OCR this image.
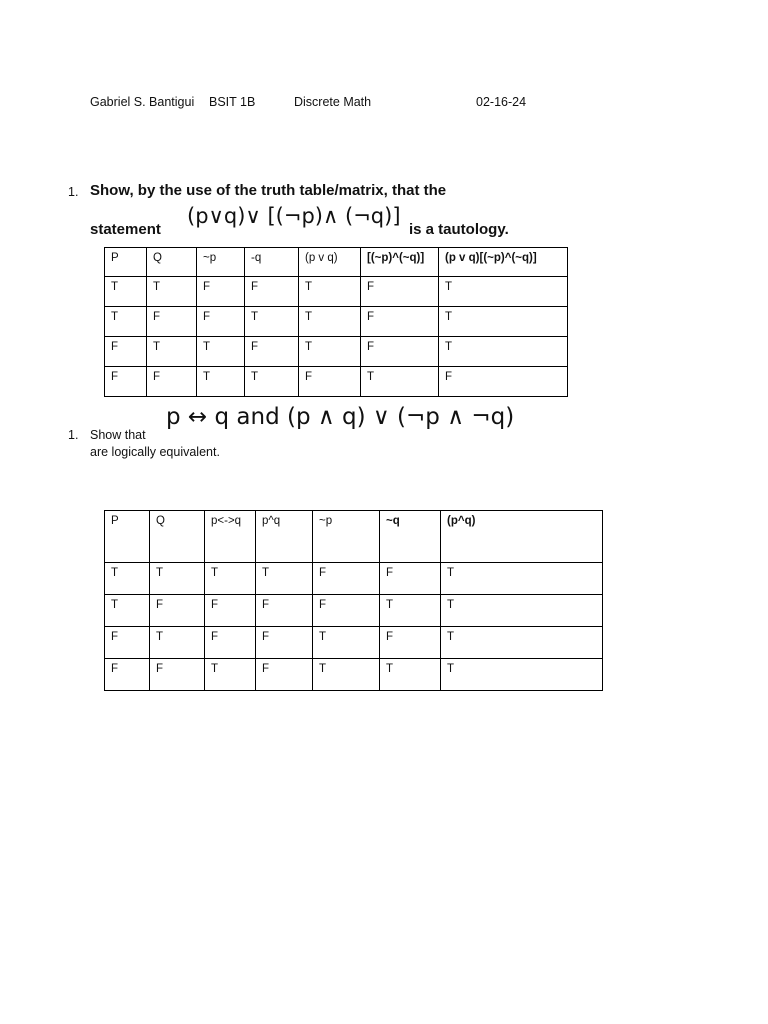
Gabriel S. Bantigui BSIT 1B	Discrete Math	02-16-24
1. Show, by the use of the truth table/matrix, that the
statement
(p∨q)∨ [(¬p)∧ (¬q)]
is a tautology.
P	Q	~p	-q	(p v q)	[(~p)^(~q)]	(p v q)[(~p)^(~q)]
T	T	F	F	T	F	T
T	F	F	T	T	F	T
F	T	T	F	T	F	T
F	F	T	T	F	T	F
p ↔ q and (p ∧ q) ∨ (¬p ∧ ¬q)
1. Show that
are logically equivalent.
P	Q	p<->q	p^q	~p	~q	(p^q)
T	T	T	T	F	F	T
T	F	F	F	F	T	T
F	T	F	F	T	F	T
F	F	T	F	T	T	T
